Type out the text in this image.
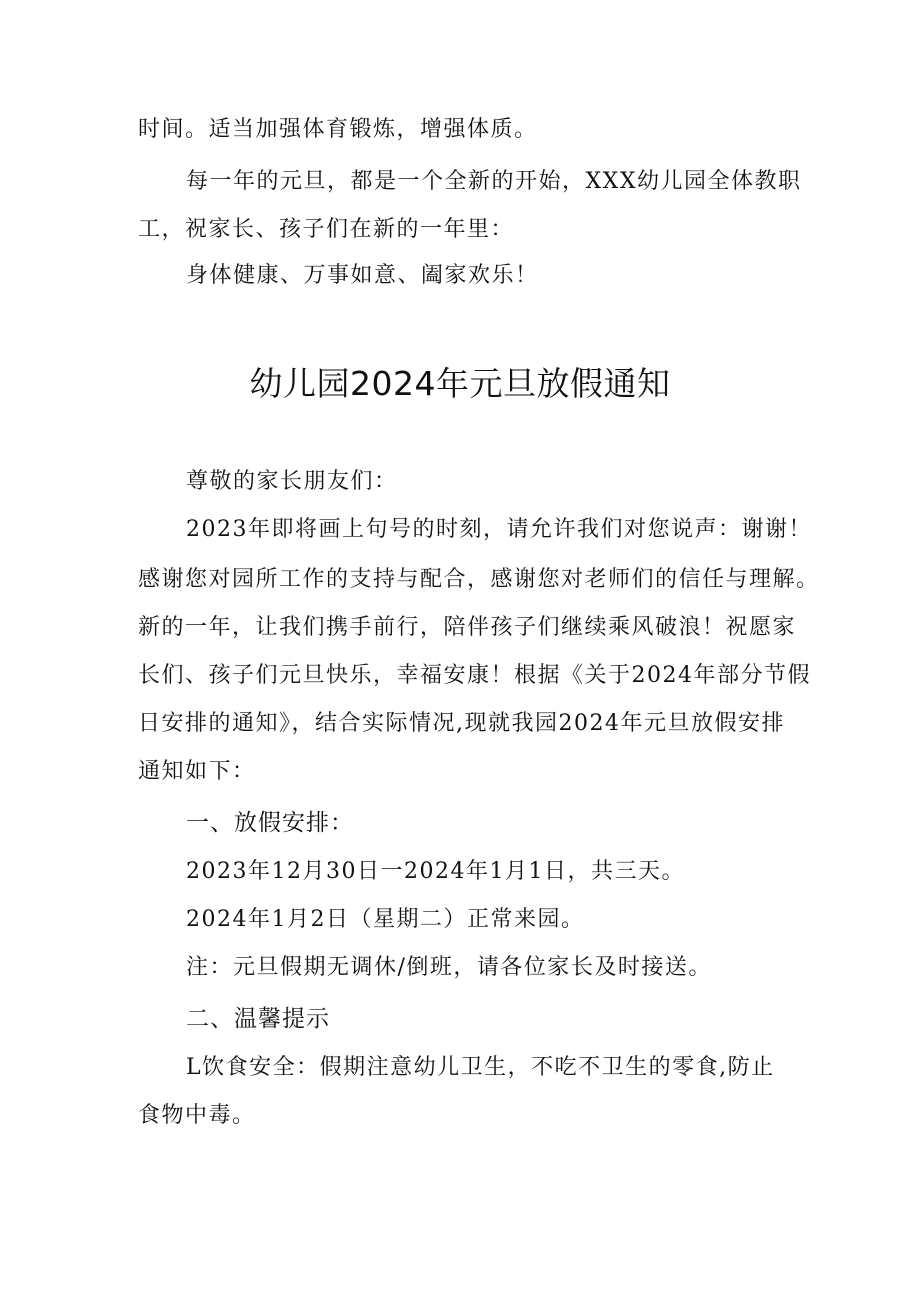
时间。适当加强体育锻炼，增强体质。
每一年的元旦，都是一个全新的开始，XXX幼儿园全体教职
工，祝家长、孩子们在新的一年里：
身体健康、万事如意、阖家欢乐！
幼儿园2024年元旦放假通知
尊敬的家长朋友们：
2023年即将画上句号的时刻，请允许我们对您说声：谢谢！
感谢您对园所工作的支持与配合，感谢您对老师们的信任与理解。
新的一年，让我们携手前行，陪伴孩子们继续乘风破浪！祝愿家
长们、孩子们元旦快乐，幸福安康！根据《关于2024年部分节假
日安排的通知》，结合实际情况,现就我园2024年元旦放假安排
通知如下：
一、放假安排：
2023年12月30日一2024年1月1日，共三天。
2024年1月2日（星期二）正常来园。
注：元旦假期无调休/倒班，请各位家长及时接送。
二、温馨提示
L饮食安全：假期注意幼儿卫生，不吃不卫生的零食,防止
食物中毒。
